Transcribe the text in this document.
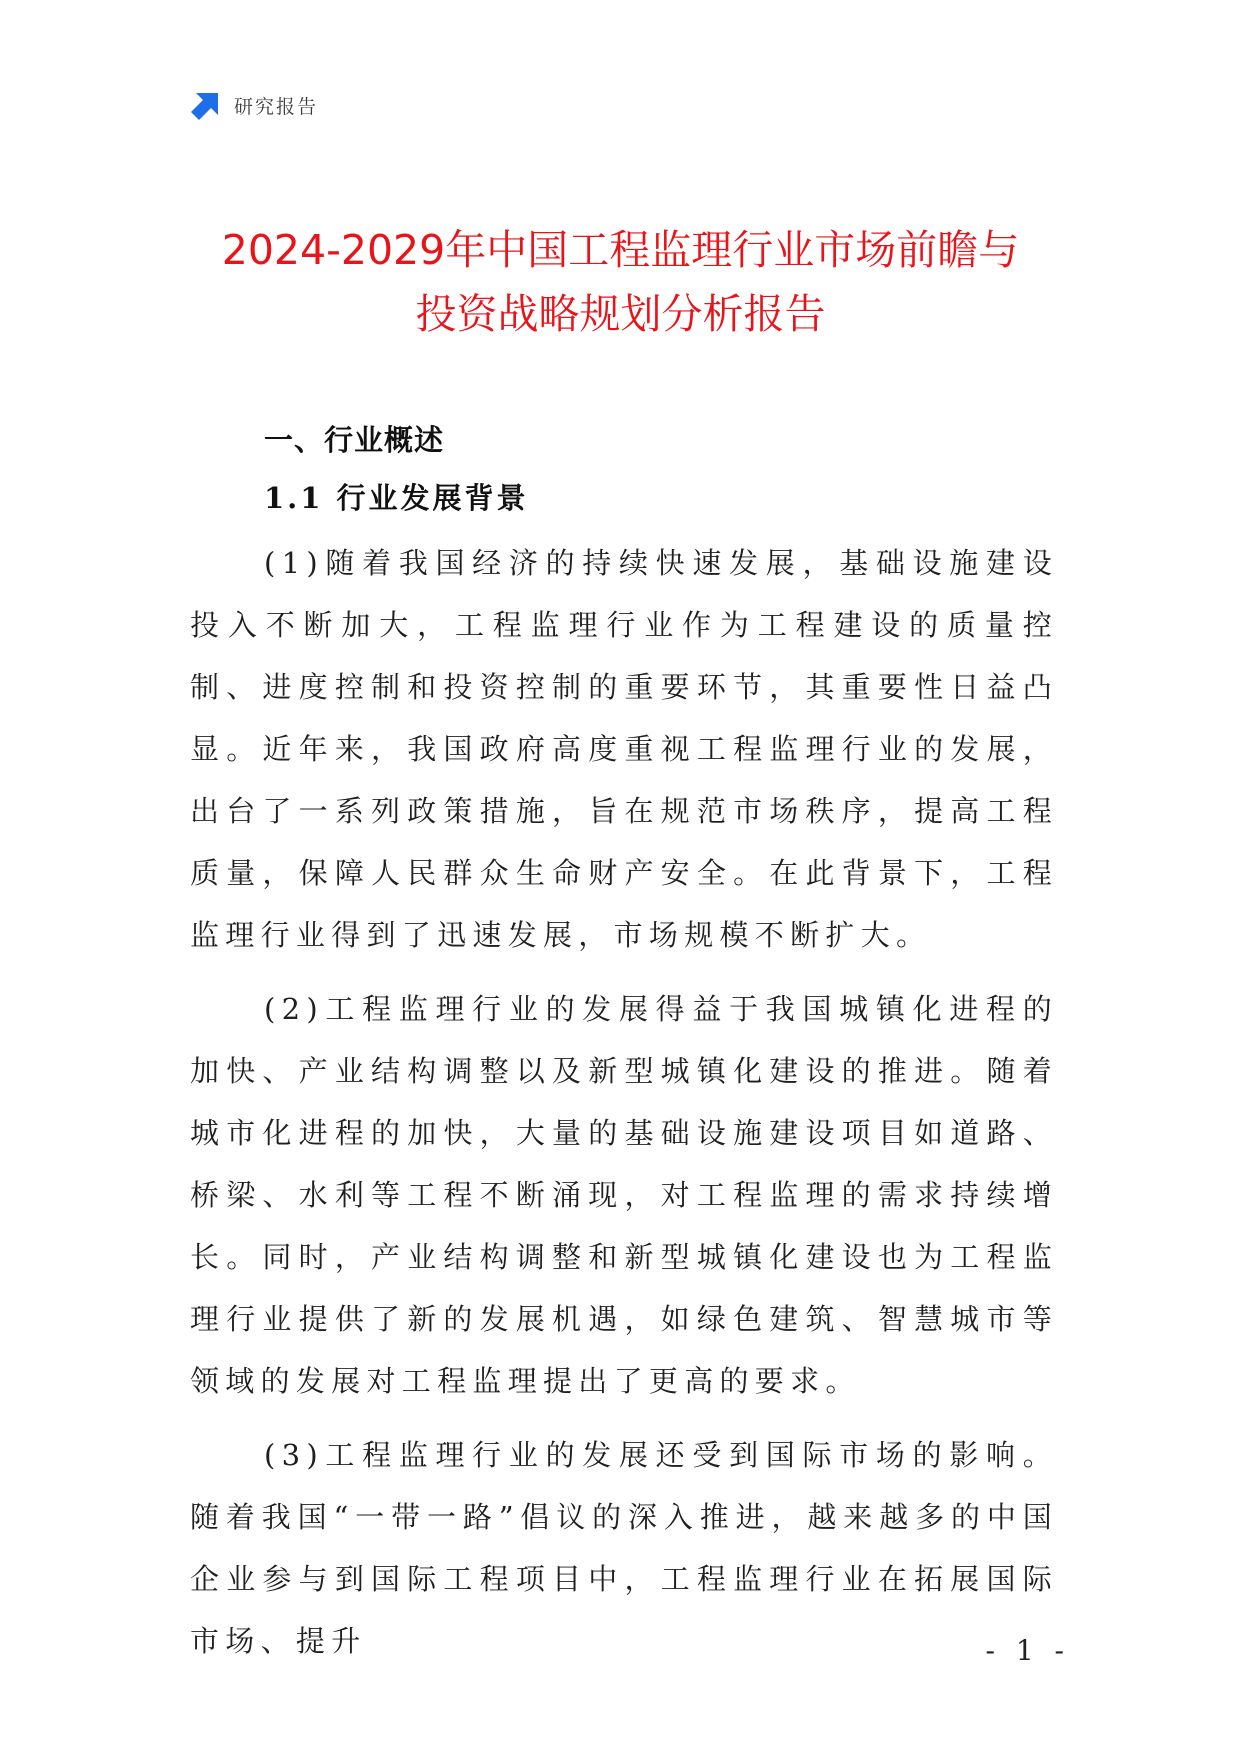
研究报告
2024-2029年中国工程监理行业市场前瞻与
投资战略规划分析报告
一、行业概述
1.1 行业发展背景

(1)随着我国经济的持续快速发展，基础设施建设投入不断加大，工程监理行业作为工程建设的质量控制、进度控制和投资控制的重要环节，其重要性日益凸显。近年来，我国政府高度重视工程监理行业的发展，出台了一系列政策措施，旨在规范市场秩序，提高工程质量，保障人民群众生命财产安全。在此背景下，工程监理行业得到了迅速发展，市场规模不断扩大。

(2)工程监理行业的发展得益于我国城镇化进程的加快、产业结构调整以及新型城镇化建设的推进。随着城市化进程的加快，大量的基础设施建设项目如道路、桥梁、水利等工程不断涌现，对工程监理的需求持续增长。同时，产业结构调整和新型城镇化建设也为工程监理行业提供了新的发展机遇，如绿色建筑、智慧城市等领域的发展对工程监理提出了更高的要求。

(3)工程监理行业的发展还受到国际市场的影响。随着我国“一带一路”倡议的深入推进，越来越多的中国企业参与到国际工程项目中，工程监理行业在拓展国际市场、提升	- 1 -
